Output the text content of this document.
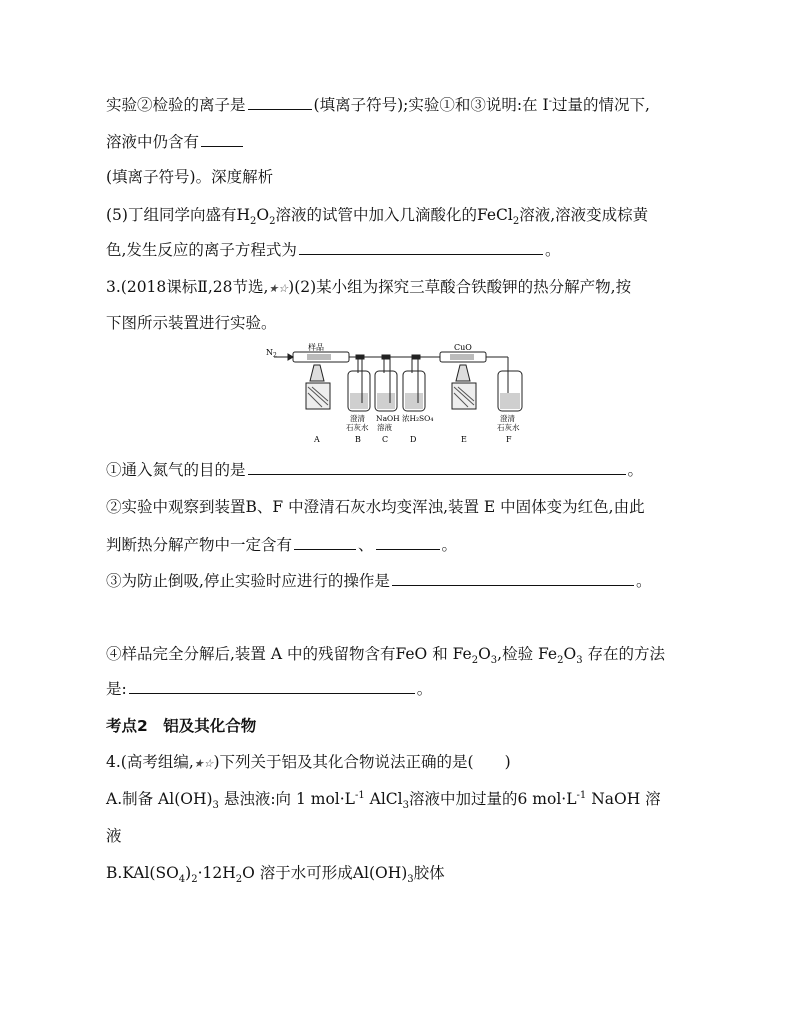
实验②检验的离子是	(填离子符号);实验①和③说明:在 I-过量的情况下,
溶液中仍含有
(填离子符号)。深度解析
(5)丁组同学向盛有$H_2O_2$溶液的试管中加入几滴酸化的FeCl$_2$溶液,溶液变成棕黄
色,发生反应的离子方程式为	。
3.(2018课标Ⅱ,28节选,★☆)(2)某小组为探究三草酸合铁酸钾的热分解产物,按
下图所示装置进行实验。
$N_2$
样品	CuO
澄清
石灰水
NaOH
溶液
浓H₂SO₄	澄清
石灰水
A	B	C	D	E	F
①通入氮气的目的是	。
②实验中观察到装置B、F 中澄清石灰水均变浑浊,装置 E 中固体变为红色,由此
判断热分解产物中一定含有	、	。
③为防止倒吸,停止实验时应进行的操作是	。
④样品完全分解后,装置 A 中的残留物含有FeO 和 $Fe_2O_3$,检验 $Fe_2O_3$ 存在的方法
是:	。
考点2　铝及其化合物
4.(高考组编,★☆)下列关于铝及其化合物说法正确的是(　　)
A.制备 $Al(OH)_3$ 悬浊液:向 1 $mol\cdot L^{-1}$ AlCl$_3$溶液中加过量的6 $mol\cdot L^{-1}$ NaOH 溶
液
$B.KAl(SO_4)_2\cdot 12H_2O$ 溶于水可形成$Al(OH)_3$胶体
